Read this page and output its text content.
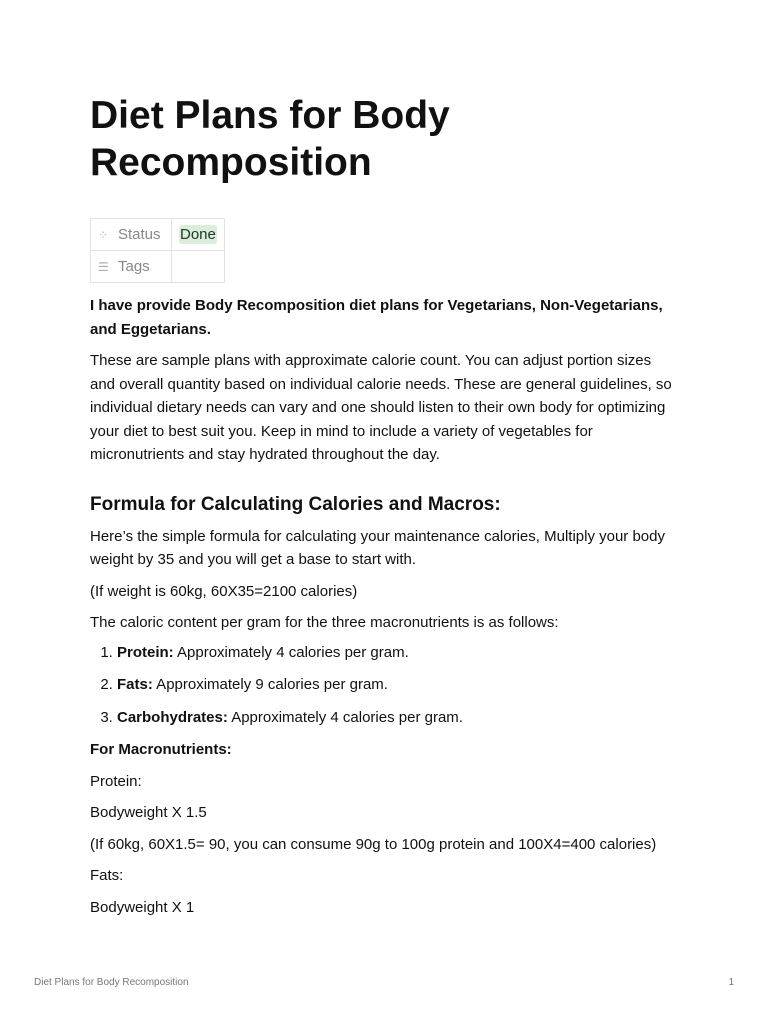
Diet Plans for Body Recomposition
⁘ Status	Done
☰ Tags	

I have provide Body Recomposition diet plans for Vegetarians, Non-Vegetarians, and Eggetarians.

These are sample plans with approximate calorie count. You can adjust portion sizes and overall quantity based on individual calorie needs. These are general guidelines, so individual dietary needs can vary and one should listen to their own body for optimizing your diet to best suit you. Keep in mind to include a variety of vegetables for micronutrients and stay hydrated throughout the day.

Formula for Calculating Calories and Macros:

Here’s the simple formula for calculating your maintenance calories, Multiply your body weight by 35 and you will get a base to start with.

(If weight is 60kg, 60X35=2100 calories)

The caloric content per gram for the three macronutrients is as follows:

1. Protein: Approximately 4 calories per gram.
2. Fats: Approximately 9 calories per gram.
3. Carbohydrates: Approximately 4 calories per gram.

For Macronutrients:

Protein:

Bodyweight X 1.5

(If 60kg, 60X1.5= 90, you can consume 90g to 100g protein and 100X4=400 calories)

Fats:

Bodyweight X 1

Diet Plans for Body Recomposition	1
